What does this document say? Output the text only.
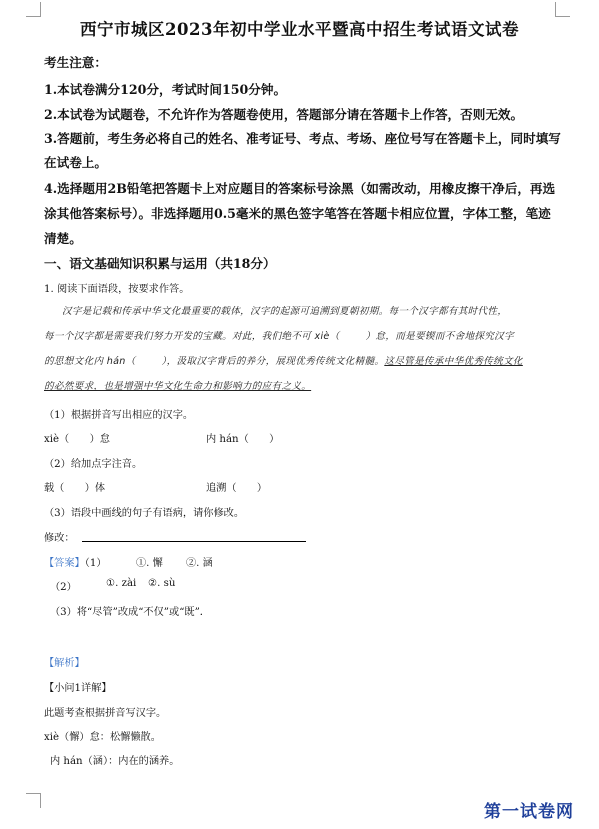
西宁市城区2023年初中学业水平暨高中招生考试语文试卷
考生注意：
1.本试卷满分120分，考试时间150分钟。
2.本试卷为试题卷，不允许作为答题卷使用，答题部分请在答题卡上作答，否则无效。
3.答题前，考生务必将自己的姓名、准考证号、考点、考场、座位号写在答题卡上，同时填写
在试卷上。
4.选择题用2B铅笔把答题卡上对应题目的答案标号涂黑（如需改动，用橡皮擦干净后，再选
涂其他答案标号）。非选择题用0.5毫米的黑色签字笔答在答题卡相应位置，字体工整，笔迹
清楚。
一、语文基础知识积累与运用（共18分）
1. 阅读下面语段，按要求作答。
汉字是记载和传承中华文化最重要的载体，汉字的起源可追溯到夏朝初期。每一个汉字都有其时代性，
每一个汉字都是需要我们努力开发的宝藏。对此，我们绝不可 xiè（	）怠，而是要锲而不舍地探究汉字
的思想文化内 hán（	），汲取汉字背后的养分，展现优秀传统文化精髓。这尽管是传承中华优秀传统文化
的必然要求，也是增强中华文化生命力和影响力的应有之义。
（1）根据拼音写出相应的汉字。
xiè（　　）怠	内 hán（　　）
（2）给加点字注音。
载（　　）体	追溯（　　）
（3）语段中画线的句子有语病，请你修改。
修改：
【答案】（1）	①. 懈 ②. 涵
（2）	①. zài ②. sù
（3）将“尽管”改成“不仅”或“既”．
【解析】
【小问1详解】
此题考查根据拼音写汉字。
xiè（懈）怠：松懈懒散。
内 hán（涵）：内在的涵养。
第一试卷网
